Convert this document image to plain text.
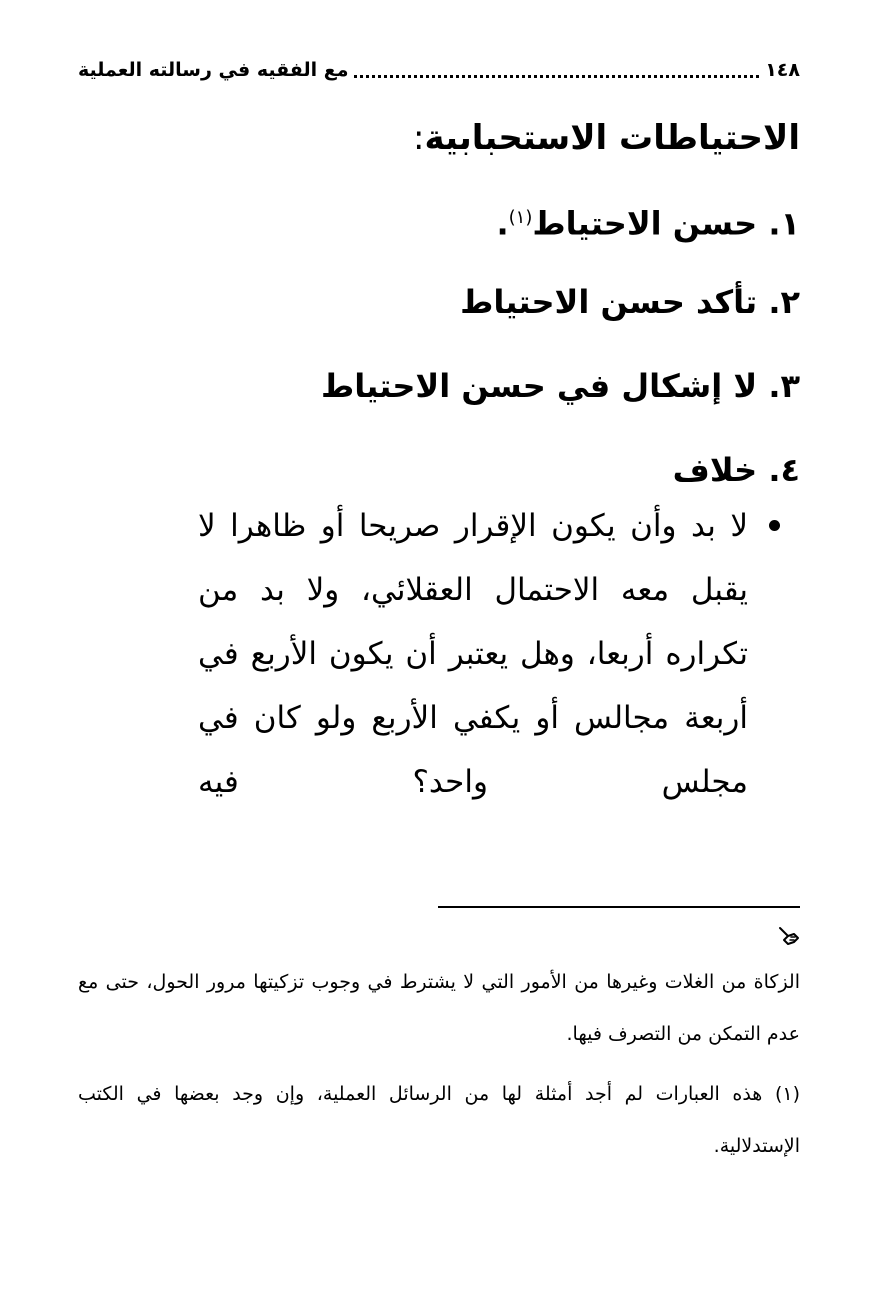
١٤٨
مع الفقيه في رسالته العملية
الاحتياطات الاستحبابية:
١. حسن الاحتياط$^{(١)}$.
٢. تأكد حسن الاحتياط
٣. لا إشكال في حسن الاحتياط
٤. خلاف
لا بد وأن يكون الإقرار صريحا أو ظاهرا لا يقبل معه الاحتمال العقلائي، ولا بد من تكراره أربعا، وهل يعتبر أن يكون الأربع في أربعة مجالس أو يكفي الأربع ولو كان في مجلس واحد؟ فيه

الزكاة من الغلات وغيرها من الأمور التي لا يشترط في وجوب تزكيتها مرور الحول، حتى مع عدم التمكن من التصرف فيها.

(١) هذه العبارات لم أجد أمثلة لها من الرسائل العملية، وإن وجد بعضها في الكتب الإستدلالية.
